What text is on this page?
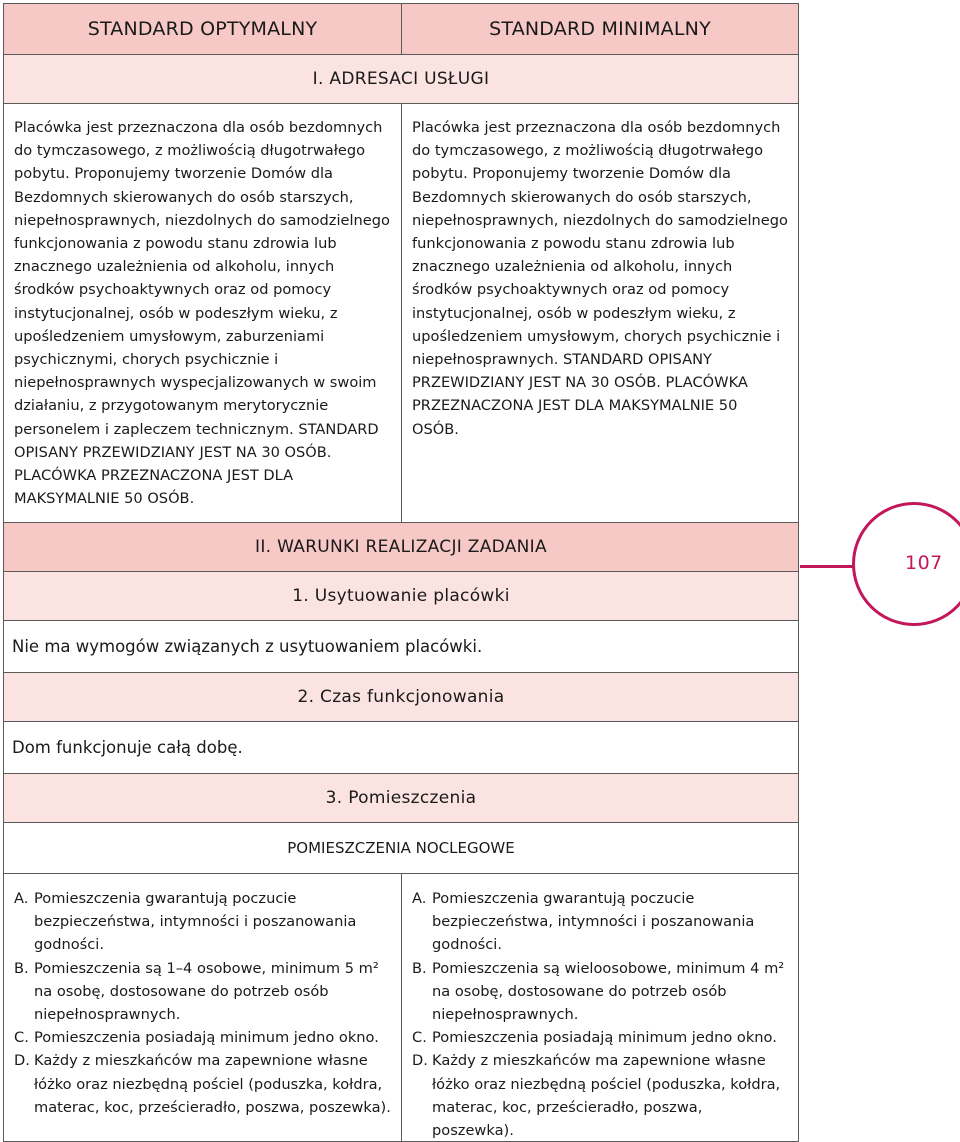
STANDARD OPTYMALNY	STANDARD MINIMALNY
I. ADRESACI USŁUGI
Placówka jest przeznaczona dla osób bezdomnych do tymczasowego, z możliwością długotrwałego pobytu. Proponujemy tworzenie Domów dla Bezdomnych skierowanych do osób starszych, niepełnosprawnych, niezdolnych do samodzielnego funkcjonowania z powodu stanu zdrowia lub znacznego uzależnienia od alkoholu, innych środków psychoaktywnych oraz od pomocy instytucjonalnej, osób w podeszłym wieku, z upośledzeniem umysłowym, zaburzeniami psychicznymi, chorych psychicznie i niepełnosprawnych wyspecjalizowanych w swoim działaniu, z przygotowanym merytorycznie personelem i zapleczem technicznym. STANDARD OPISANY PRZEWIDZIANY JEST NA 30 OSÓB. PLACÓWKA PRZEZNACZONA JEST DLA MAKSYMALNIE 50 OSÓB.
Placówka jest przeznaczona dla osób bezdomnych do tymczasowego, z możliwością długotrwałego pobytu. Proponujemy tworzenie Domów dla Bezdomnych skierowanych do osób starszych, niepełnosprawnych, niezdolnych do samodzielnego funkcjonowania z powodu stanu zdrowia lub znacznego uzależnienia od alkoholu, innych środków psychoaktywnych oraz od pomocy instytucjonalnej, osób w podeszłym wieku, z upośledzeniem umysłowym, chorych psychicznie i niepełnosprawnych. STANDARD OPISANY PRZEWIDZIANY JEST NA 30 OSÓB. PLACÓWKA PRZEZNACZONA JEST DLA MAKSYMALNIE 50 OSÓB.
II. WARUNKI REALIZACJI ZADANIA
1. Usytuowanie placówki
Nie ma wymogów związanych z usytuowaniem placówki.
2. Czas funkcjonowania
Dom funkcjonuje całą dobę.
3. Pomieszczenia
POMIESZCZENIA NOCLEGOWE
A. Pomieszczenia gwarantują poczucie bezpieczeństwa, intymności i poszanowania godności.
B. Pomieszczenia są 1–4 osobowe, minimum 5 m² na osobę, dostosowane do potrzeb osób niepełnosprawnych.
C. Pomieszczenia posiadają minimum jedno okno.
D. Każdy z mieszkańców ma zapewnione własne łóżko oraz niezbędną pościel (poduszka, kołdra, materac, koc, prześcieradło, poszwa, poszewka).
A. Pomieszczenia gwarantują poczucie bezpieczeństwa, intymności i poszanowania godności.
B. Pomieszczenia są wieloosobowe, minimum 4 m² na osobę, dostosowane do potrzeb osób niepełnosprawnych.
C. Pomieszczenia posiadają minimum jedno okno.
D. Każdy z mieszkańców ma zapewnione własne łóżko oraz niezbędną pościel (poduszka, kołdra, materac, koc, prześcieradło, poszwa, poszewka).
107
